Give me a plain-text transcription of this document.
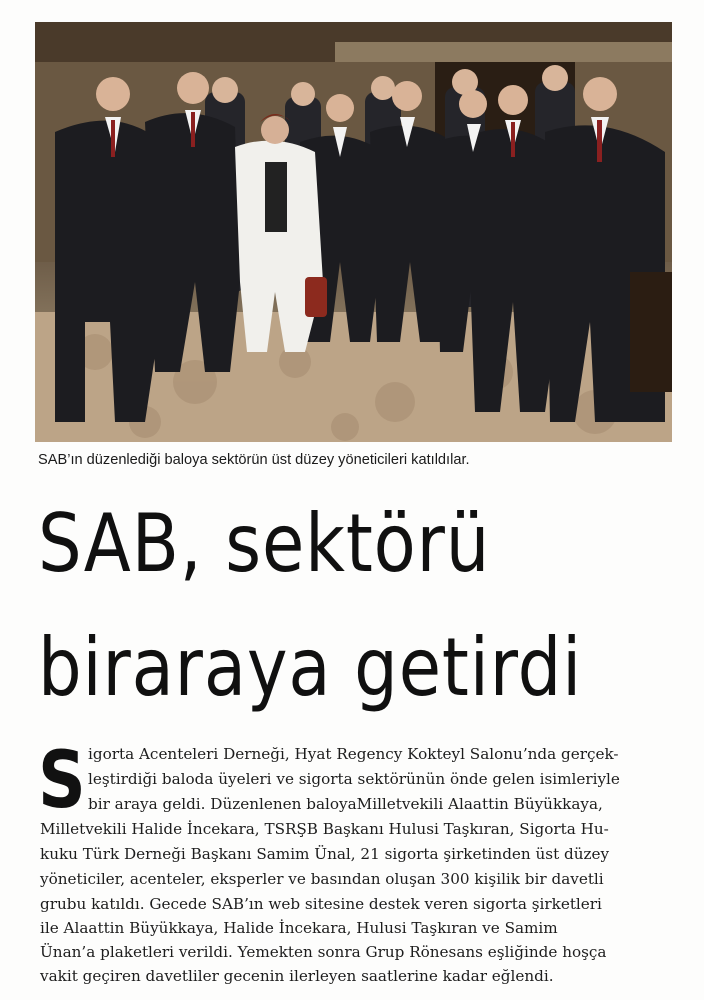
SAB’ın düzenlediği baloya sektörün üst düzey yöneticileri katıldılar.
SAB, sektörü
biraraya getirdi
S igorta Acenteleri Derneği, Hyat Regency Kokteyl Salonu’nda gerçek-
leştirdiği baloda üyeleri ve sigorta sektörünün önde gelen isimleriyle
bir araya geldi. Düzenlenen baloyaMilletvekili Alaattin Büyükkaya,
Milletvekili Halide İncekara, TSRŞB Başkanı Hulusi Taşkıran, Sigorta Hu-
kuku Türk Derneği Başkanı Samim Ünal, 21 sigorta şirketinden üst düzey
yöneticiler, acenteler, eksperler ve basından oluşan 300 kişilik bir davetli
grubu katıldı. Gecede SAB’ın web sitesine destek veren sigorta şirketleri
ile Alaattin Büyükkaya, Halide İncekara, Hulusi Taşkıran ve Samim
Ünan’a plaketleri verildi. Yemekten sonra Grup Rönesans eşliğinde hoşça
vakit geçiren davetliler gecenin ilerleyen saatlerine kadar eğlendi.
